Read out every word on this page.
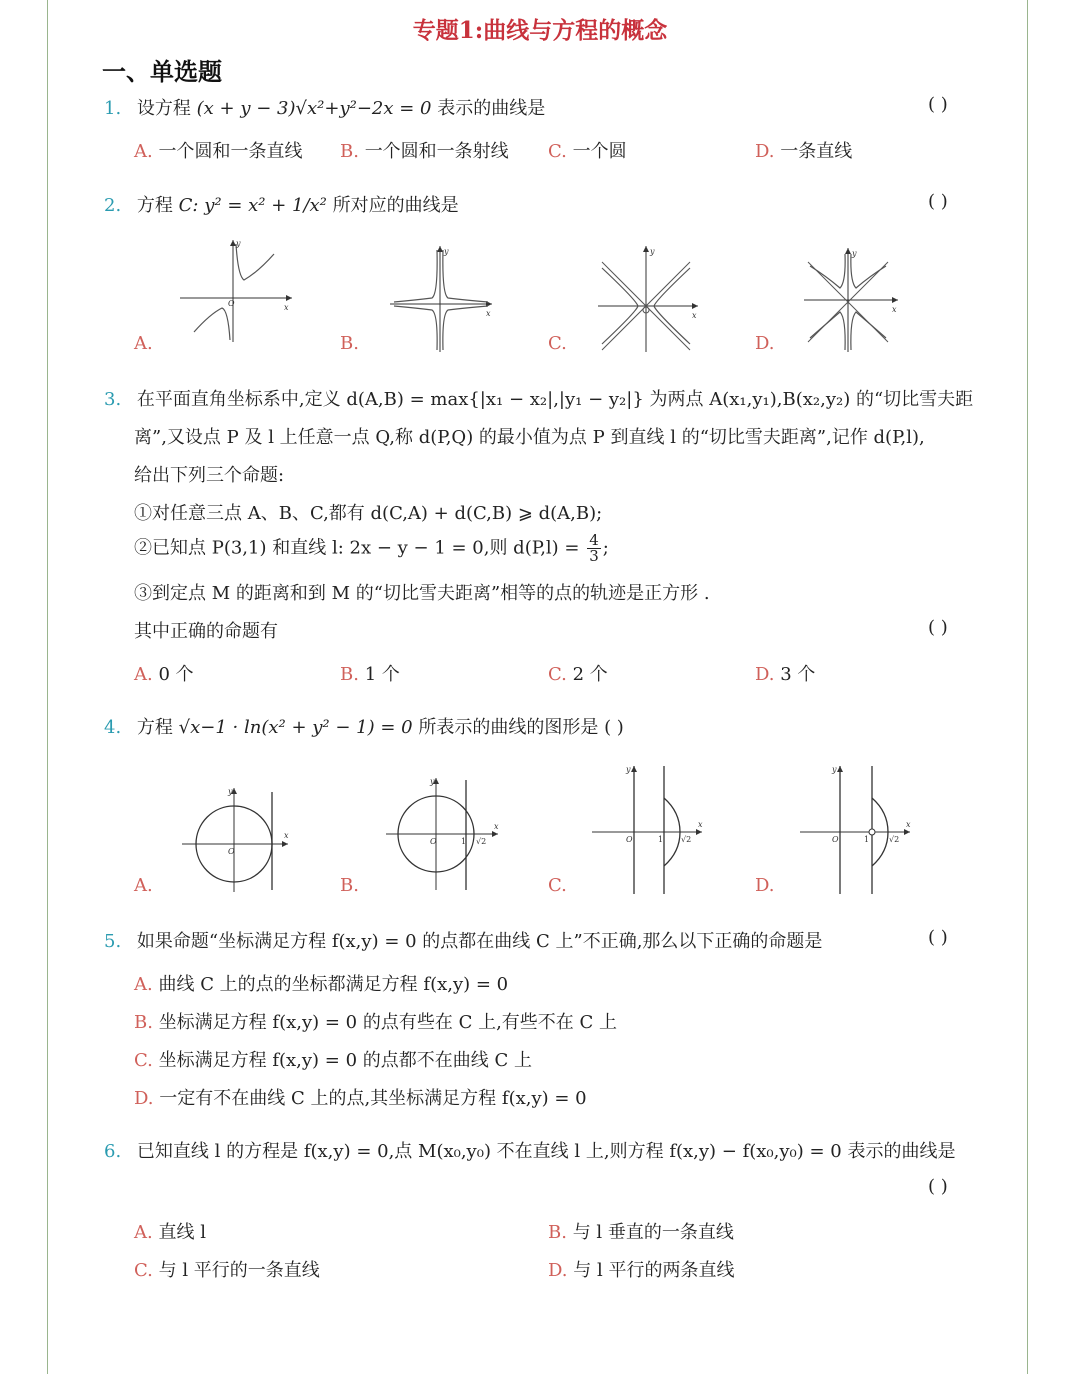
专题1:曲线与方程的概念
一、单选题
1. 设方程 (x + y − 3)√x²+y²−2x = 0 表示的曲线是	( )
A. 一个圆和一条直线 B. 一个圆和一条射线 C. 一个圆	D. 一条直线
2. 方程 C: y² = x² + 1/x² 所对应的曲线是	( )
A.	B.	C.	D.
y
x
O
y
x
y
x
y
x
3. 在平面直角坐标系中,定义 d(A,B) = max{|x₁ − x₂|,|y₁ − y₂|} 为两点 A(x₁,y₁),B(x₂,y₂) 的“切比雪夫距
离”,又设点 P 及 l 上任意一点 Q,称 d(P,Q) 的最小值为点 P 到直线 l 的“切比雪夫距离”,记作 d(P,l),
给出下列三个命题:
①对任意三点 A、B、C,都有 d(C,A) + d(C,B) ⩾ d(A,B);
②已知点 P(3,1) 和直线 l: 2x − y − 1 = 0,则 $d(P,l) = \frac{4}{3}$ ;
③到定点 M 的距离和到 M 的“切比雪夫距离”相等的点的轨迹是正方形 .
其中正确的命题有	( )
A. 0 个	B. 1 个	C. 2 个	D. 3 个
4. 方程 √x−1 · ln(x² + y² − 1) = 0 所表示的曲线的图形是 ( )
A.	B.	C.	D.
y
x
O
y
x
O	1 √2
y
x
O	1 √2
y
x
O	1 √2
5. 如果命题“坐标满足方程 f(x,y) = 0 的点都在曲线 C 上”不正确,那么以下正确的命题是	( )
A. 曲线 C 上的点的坐标都满足方程 f(x,y) = 0
B. 坐标满足方程 f(x,y) = 0 的点有些在 C 上,有些不在 C 上
C. 坐标满足方程 f(x,y) = 0 的点都不在曲线 C 上
D. 一定有不在曲线 C 上的点,其坐标满足方程 f(x,y) = 0
6. 已知直线 l 的方程是 f(x,y) = 0,点 M(x₀,y₀) 不在直线 l 上,则方程 f(x,y) − f(x₀,y₀) = 0 表示的曲线是
( )
A. 直线 l	B. 与 l 垂直的一条直线
C. 与 l 平行的一条直线	D. 与 l 平行的两条直线
